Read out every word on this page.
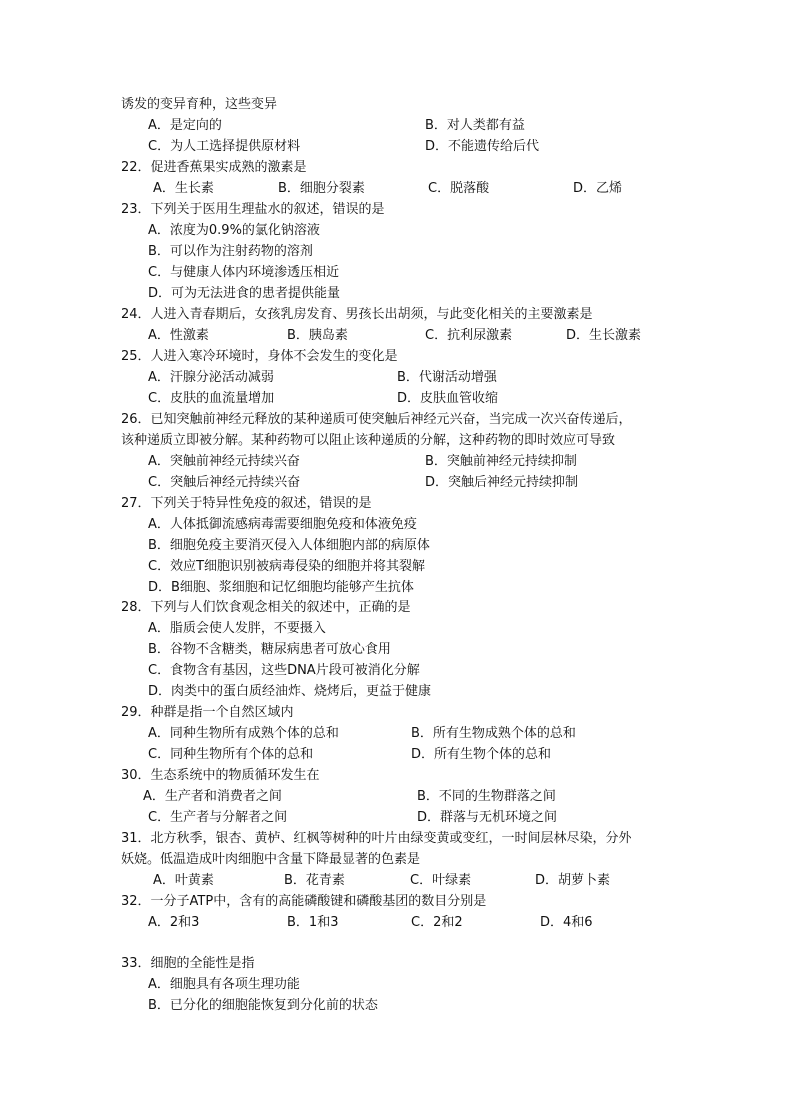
诱发的变异育种，这些变异
A．是定向的	B．对人类都有益
C．为人工选择提供原材料	D．不能遗传给后代
22．促进香蕉果实成熟的激素是
A．生长素	B．细胞分裂素	C．脱落酸	D．乙烯
23．下列关于医用生理盐水的叙述，错误的是
A．浓度为0.9%的氯化钠溶液
B．可以作为注射药物的溶剂
C．与健康人体内环境渗透压相近
D．可为无法进食的患者提供能量
24．人进入青春期后，女孩乳房发育、男孩长出胡须，与此变化相关的主要激素是
A．性激素	B．胰岛素	C．抗利尿激素	D．生长激素
25．人进入寒冷环境时，身体不会发生的变化是
A．汗腺分泌活动减弱	B．代谢活动增强
C．皮肤的血流量增加	D．皮肤血管收缩
26．已知突触前神经元释放的某种递质可使突触后神经元兴奋，当完成一次兴奋传递后，
该种递质立即被分解。某种药物可以阻止该种递质的分解，这种药物的即时效应可导致
A．突触前神经元持续兴奋	B．突触前神经元持续抑制
C．突触后神经元持续兴奋	D．突触后神经元持续抑制
27．下列关于特异性免疫的叙述，错误的是
A．人体抵御流感病毒需要细胞免疫和体液免疫
B．细胞免疫主要消灭侵入人体细胞内部的病原体
C．效应T细胞识别被病毒侵染的细胞并将其裂解
D．B细胞、浆细胞和记忆细胞均能够产生抗体
28．下列与人们饮食观念相关的叙述中，正确的是
A．脂质会使人发胖，不要摄入
B．谷物不含糖类，糖尿病患者可放心食用
C．食物含有基因，这些DNA片段可被消化分解
D．肉类中的蛋白质经油炸、烧烤后，更益于健康
29．种群是指一个自然区域内
A．同种生物所有成熟个体的总和	B．所有生物成熟个体的总和
C．同种生物所有个体的总和	D．所有生物个体的总和
30．生态系统中的物质循环发生在
A．生产者和消费者之间	B．不同的生物群落之间
C．生产者与分解者之间	D．群落与无机环境之间
31．北方秋季，银杏、黄栌、红枫等树种的叶片由绿变黄或变红，一时间层林尽染，分外
妖娆。低温造成叶肉细胞中含量下降最显著的色素是
A．叶黄素	B．花青素	C．叶绿素	D．胡萝卜素
32．一分子ATP中，含有的高能磷酸键和磷酸基团的数目分别是
A．2和3	B．1和3	C．2和2	D．4和6
33．细胞的全能性是指
A．细胞具有各项生理功能
B．已分化的细胞能恢复到分化前的状态
